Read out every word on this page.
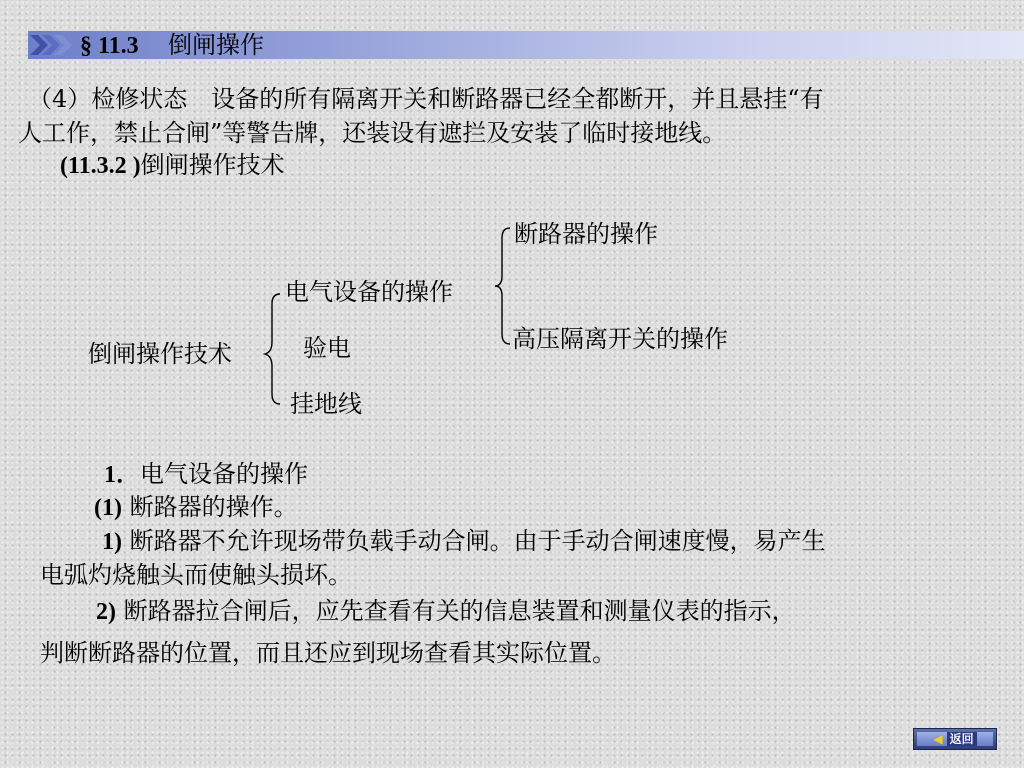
§ 11.3 倒闸操作
（4）检修状态　设备的所有隔离开关和断路器已经全都断开，并且悬挂“有
人工作，禁止合闸”等警告牌，还装设有遮拦及安装了临时接地线。
(11.3.2 )倒闸操作技术
断路器的操作
高压隔离开关的操作
电气设备的操作
验电
挂地线
倒闸操作技术
1．电气设备的操作
(1) 断路器的操作。
1) 断路器不允许现场带负载手动合闸。由于手动合闸速度慢，易产生
电弧灼烧触头而使触头损坏。
2) 断路器拉合闸后，应先查看有关的信息装置和测量仪表的指示，
判断断路器的位置，而且还应到现场查看其实际位置。
◀ 返回
